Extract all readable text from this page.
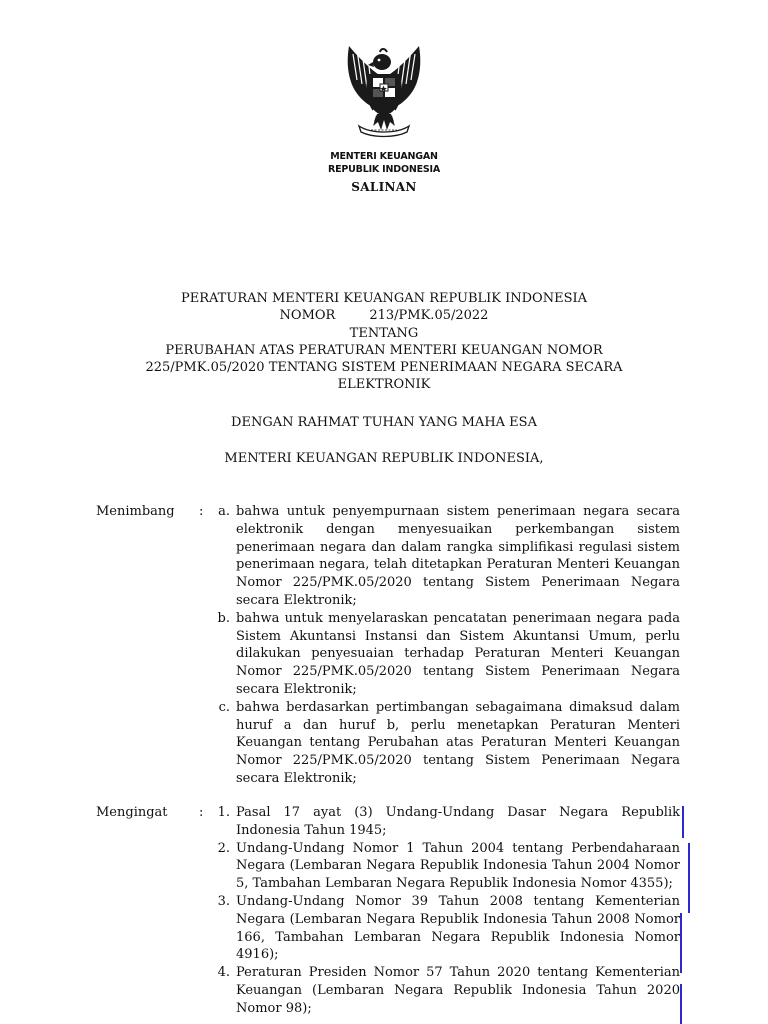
MENTERI KEUANGAN
REPUBLIK INDONESIA
SALINAN
PERATURAN MENTERI KEUANGAN REPUBLIK INDONESIA
NOMOR	213/PMK.05/2022
TENTANG
PERUBAHAN ATAS PERATURAN MENTERI KEUANGAN NOMOR
225/PMK.05/2020 TENTANG SISTEM PENERIMAAN NEGARA SECARA
ELEKTRONIK
DENGAN RAHMAT TUHAN YANG MAHA ESA
MENTERI KEUANGAN REPUBLIK INDONESIA,
Menimbang :	a. bahwa untuk penyempurnaan sistem penerimaan negara secara elektronik dengan menyesuaikan perkembangan sistem penerimaan negara dan dalam rangka simplifikasi regulasi sistem penerimaan negara, telah ditetapkan Peraturan Menteri Keuangan Nomor 225/PMK.05/2020 tentang Sistem Penerimaan Negara secara Elektronik;
b. bahwa untuk menyelaraskan pencatatan penerimaan negara pada Sistem Akuntansi Instansi dan Sistem Akuntansi Umum, perlu dilakukan penyesuaian terhadap Peraturan Menteri Keuangan Nomor 225/PMK.05/2020 tentang Sistem Penerimaan Negara secara Elektronik;
c. bahwa berdasarkan pertimbangan sebagaimana dimaksud dalam huruf a dan huruf b, perlu menetapkan Peraturan Menteri Keuangan tentang Perubahan atas Peraturan Menteri Keuangan Nomor 225/PMK.05/2020 tentang Sistem Penerimaan Negara secara Elektronik;
Mengingat :	1. Pasal 17 ayat (3) Undang-Undang Dasar Negara Republik Indonesia Tahun 1945;
2. Undang-Undang Nomor 1 Tahun 2004 tentang Perbendaharaan Negara (Lembaran Negara Republik Indonesia Tahun 2004 Nomor 5, Tambahan Lembaran Negara Republik Indonesia Nomor 4355);
3. Undang-Undang Nomor 39 Tahun 2008 tentang Kementerian Negara (Lembaran Negara Republik Indonesia Tahun 2008 Nomor 166, Tambahan Lembaran Negara Republik Indonesia Nomor 4916);
4. Peraturan Presiden Nomor 57 Tahun 2020 tentang Kementerian Keuangan (Lembaran Negara Republik Indonesia Tahun 2020 Nomor 98);
